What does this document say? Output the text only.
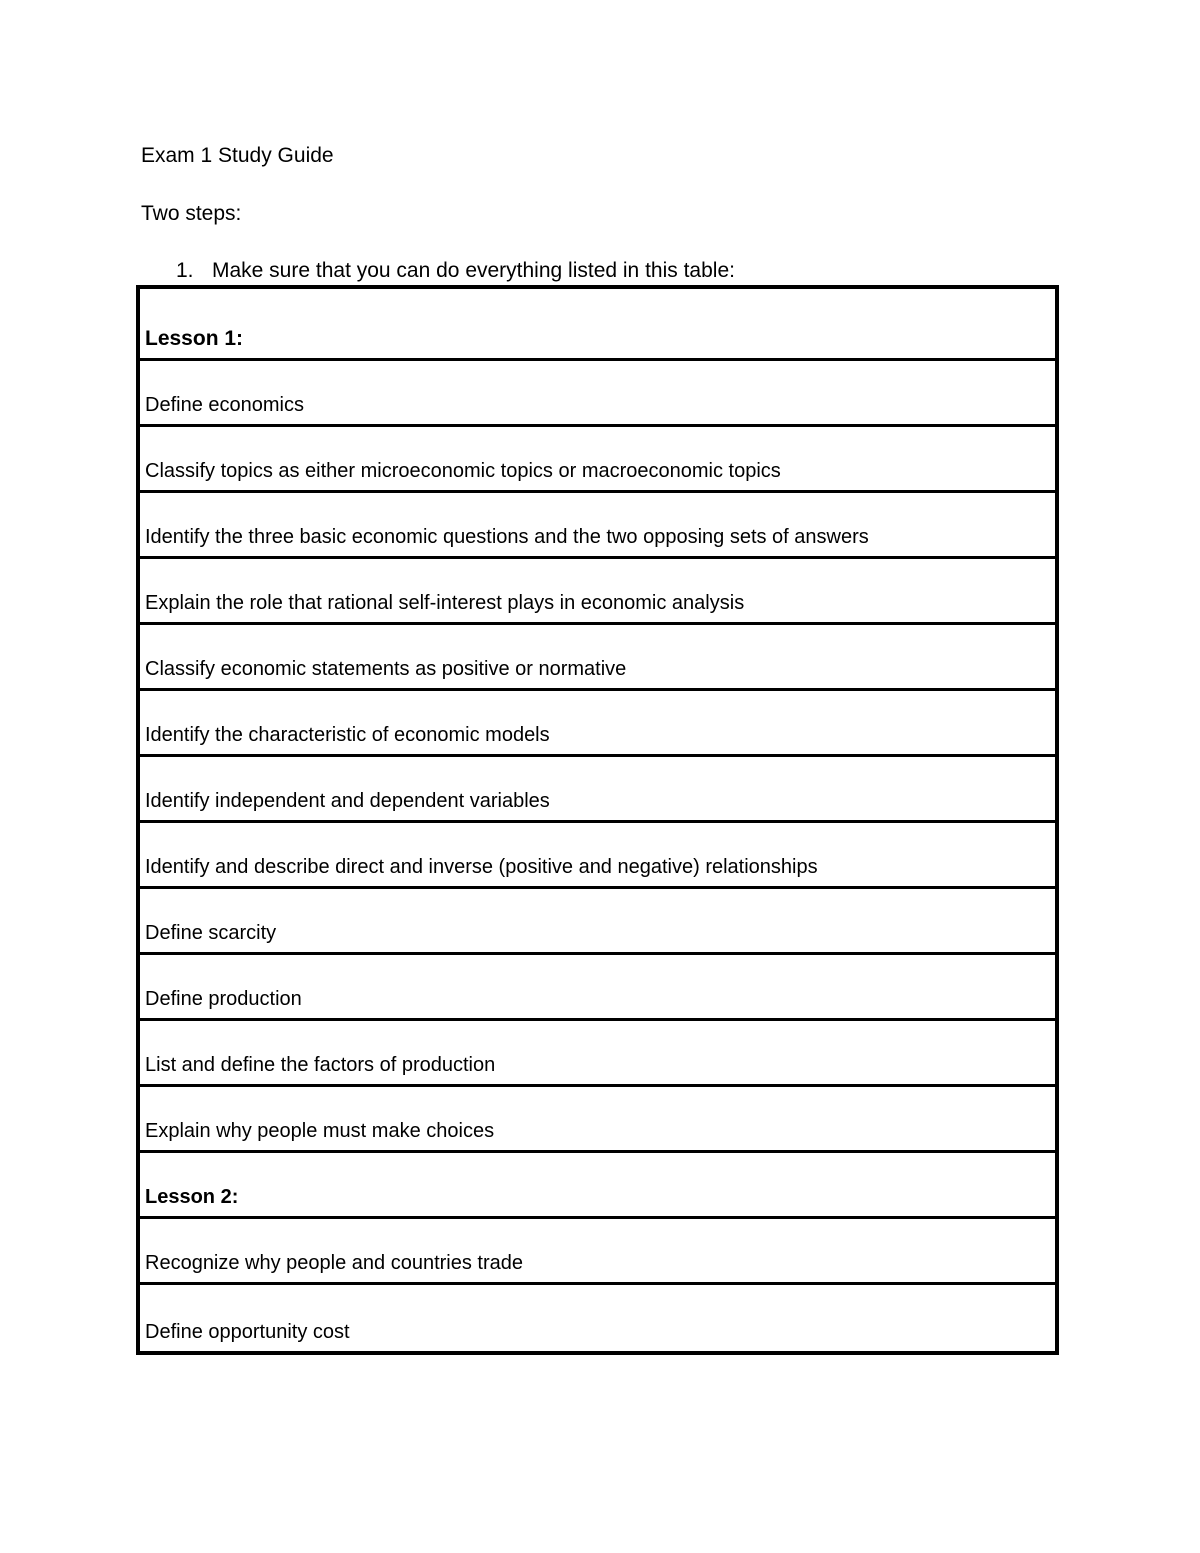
Exam 1 Study Guide
Two steps:
1. Make sure that you can do everything listed in this table:
Lesson 1:
Define economics
Classify topics as either microeconomic topics or macroeconomic topics
Identify the three basic economic questions and the two opposing sets of answers
Explain the role that rational self-interest plays in economic analysis
Classify economic statements as positive or normative
Identify the characteristic of economic models
Identify independent and dependent variables
Identify and describe direct and inverse (positive and negative) relationships
Define scarcity
Define production
List and define the factors of production
Explain why people must make choices
Lesson 2:
Recognize why people and countries trade
Define opportunity cost
